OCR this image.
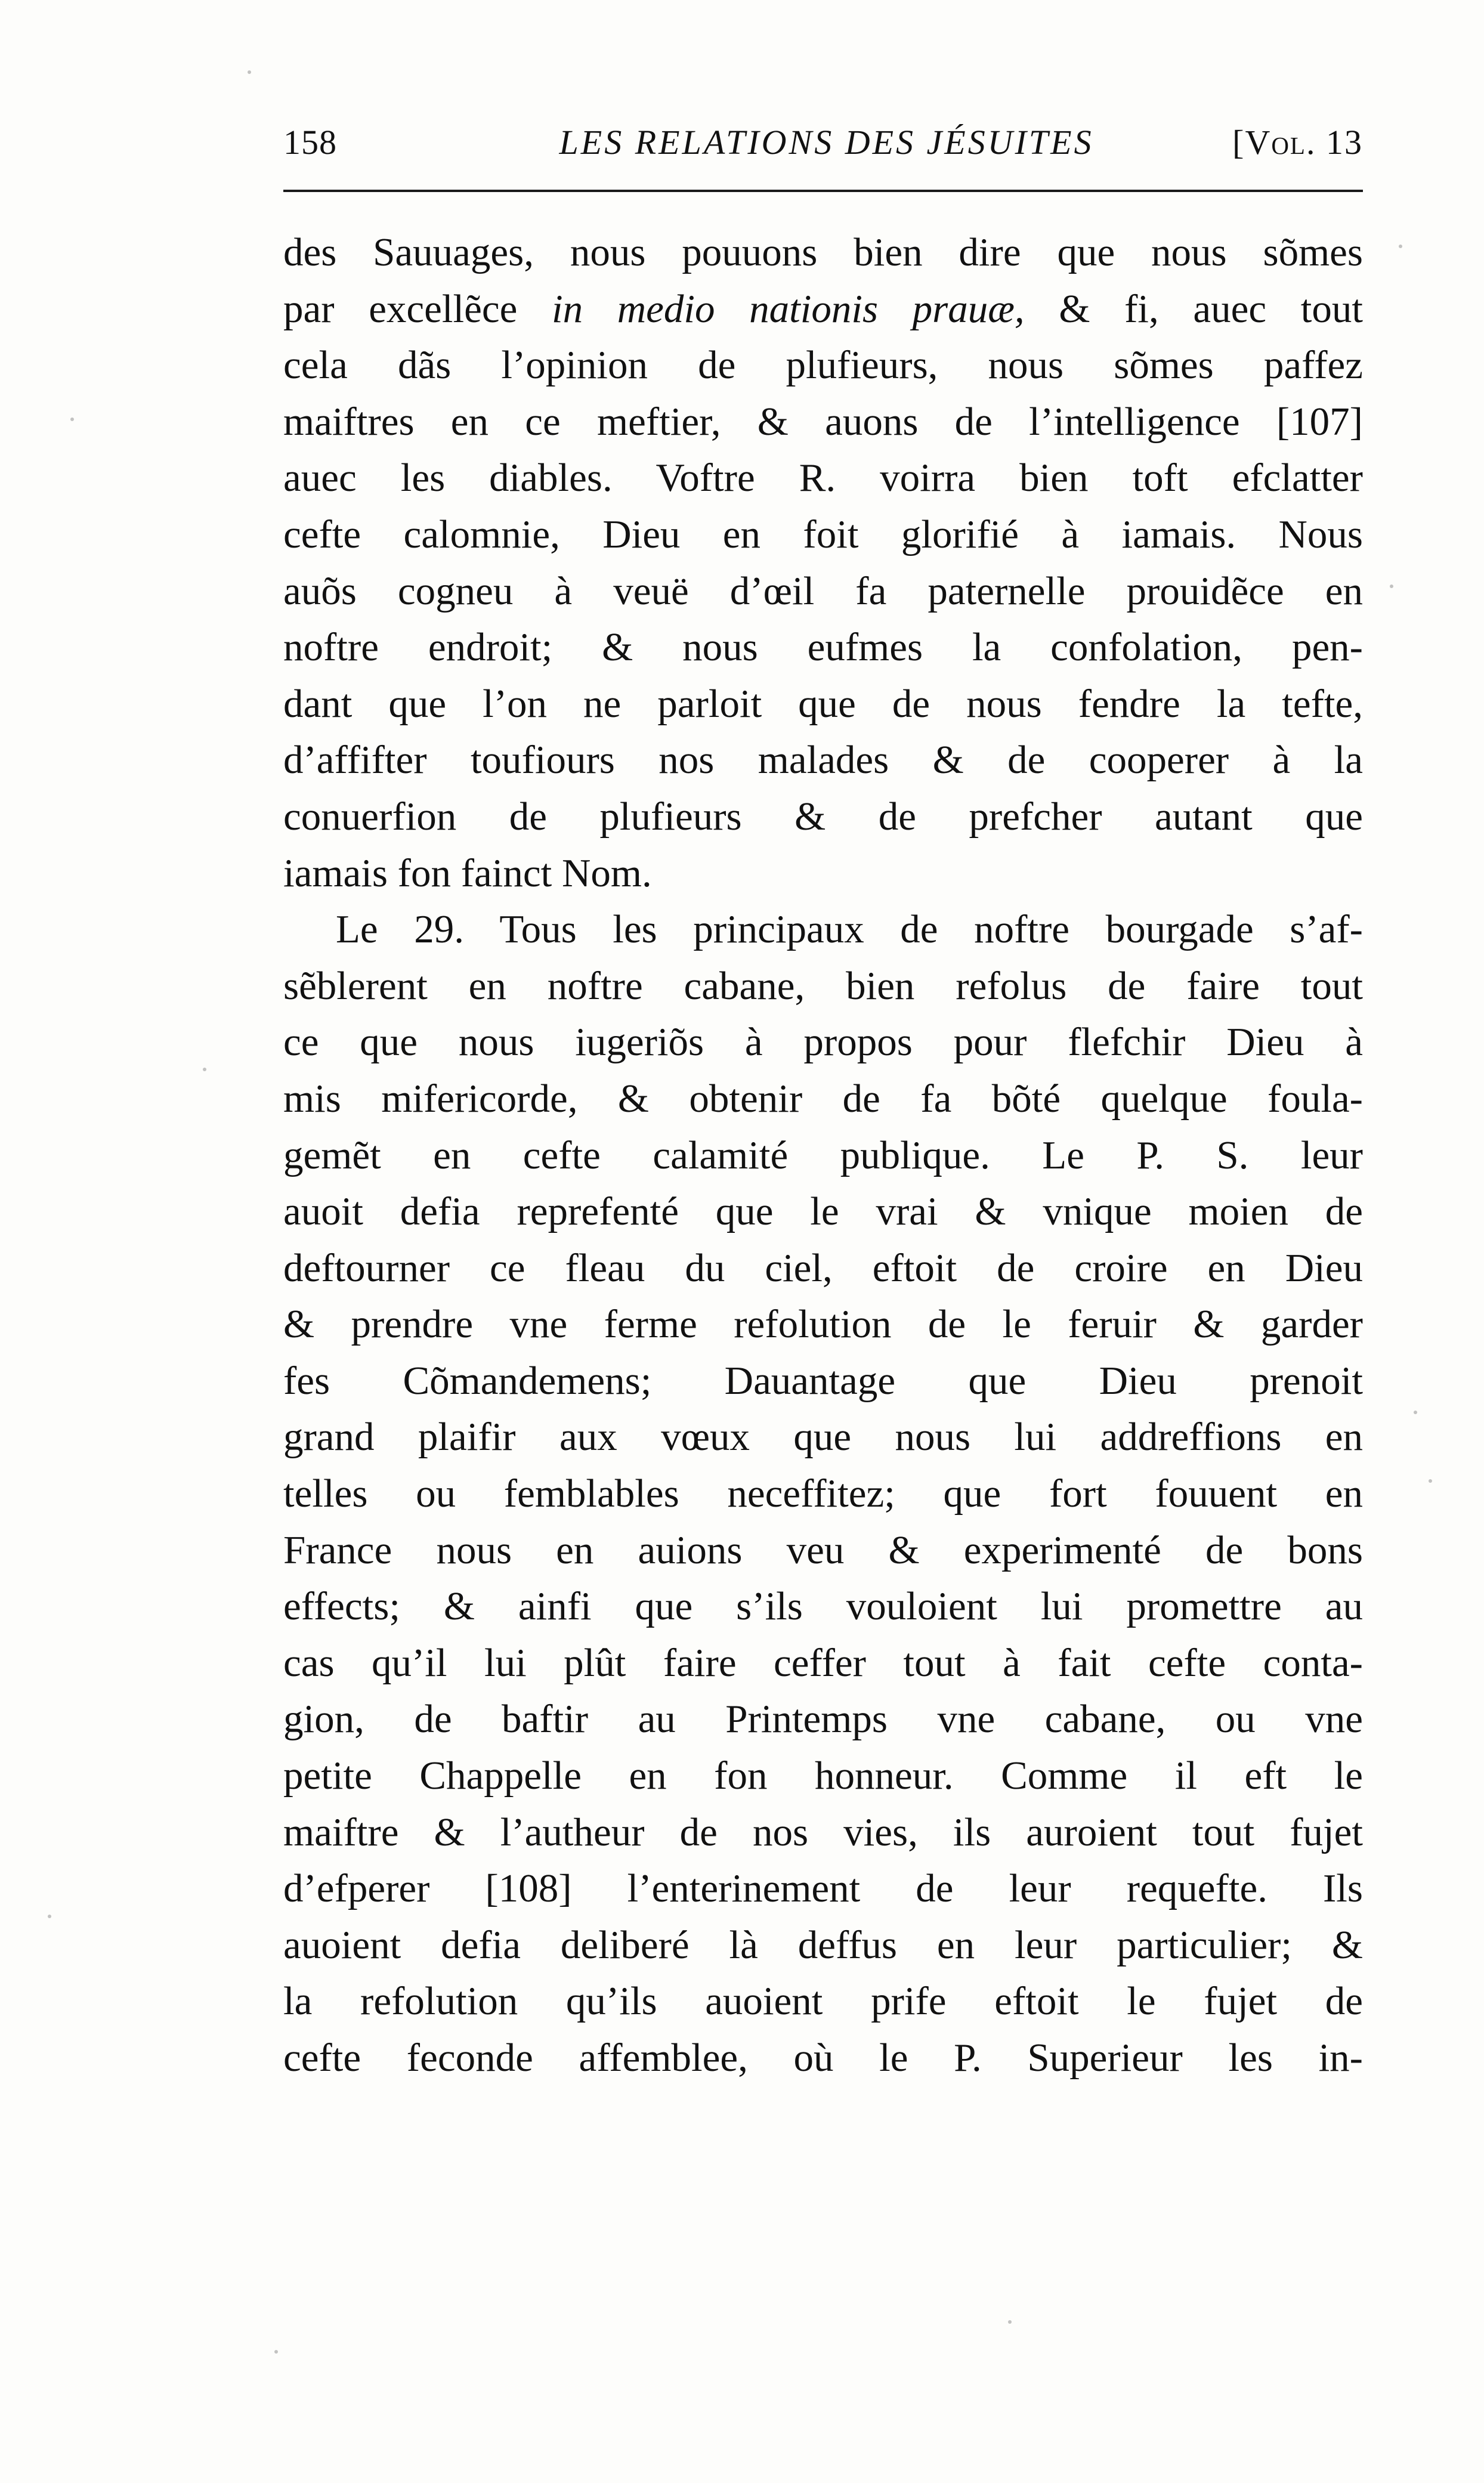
158	LES RELATIONS DES JÉSUITES	[Vol. 13
des Sauuages, nous pouuons bien dire que nous sõmes
par excellẽce in medio nationis prauæ, & fi, auec tout
cela dãs l’opinion de plufieurs, nous sõmes paffez
maiftres en ce meftier, & auons de l’intelligence [107]
auec les diables. Voftre R. voirra bien toft efclatter
cefte calomnie, Dieu en foit glorifié à iamais. Nous
auõs cogneu à veuë d’œil fa paternelle prouidẽce en
noftre endroit; & nous eufmes la confolation, pen-
dant que l’on ne parloit que de nous fendre la tefte,
d’affifter toufiours nos malades & de cooperer à la
conuerfion de plufieurs & de prefcher autant que
iamais fon fainct Nom.
Le 29. Tous les principaux de noftre bourgade s’af-
sẽblerent en noftre cabane, bien refolus de faire tout
ce que nous iugeriõs à propos pour flefchir Dieu à
mis mifericorde, & obtenir de fa bõté quelque foula-
gemẽt en cefte calamité publique. Le P. S. leur
auoit defia reprefenté que le vrai & vnique moien de
deftourner ce fleau du ciel, eftoit de croire en Dieu
& prendre vne ferme refolution de le feruir & garder
fes Cõmandemens; Dauantage que Dieu prenoit
grand plaifir aux vœux que nous lui addreffions en
telles ou femblables neceffitez; que fort fouuent en
France nous en auions veu & experimenté de bons
effects; & ainfi que s’ils vouloient lui promettre au
cas qu’il lui plût faire ceffer tout à fait cefte conta-
gion, de baftir au Printemps vne cabane, ou vne
petite Chappelle en fon honneur. Comme il eft le
maiftre & l’autheur de nos vies, ils auroient tout fujet
d’efperer [108] l’enterinement de leur requefte. Ils
auoient defia deliberé là deffus en leur particulier; &
la refolution qu’ils auoient prife eftoit le fujet de
cefte feconde affemblee, où le P. Superieur les in-
